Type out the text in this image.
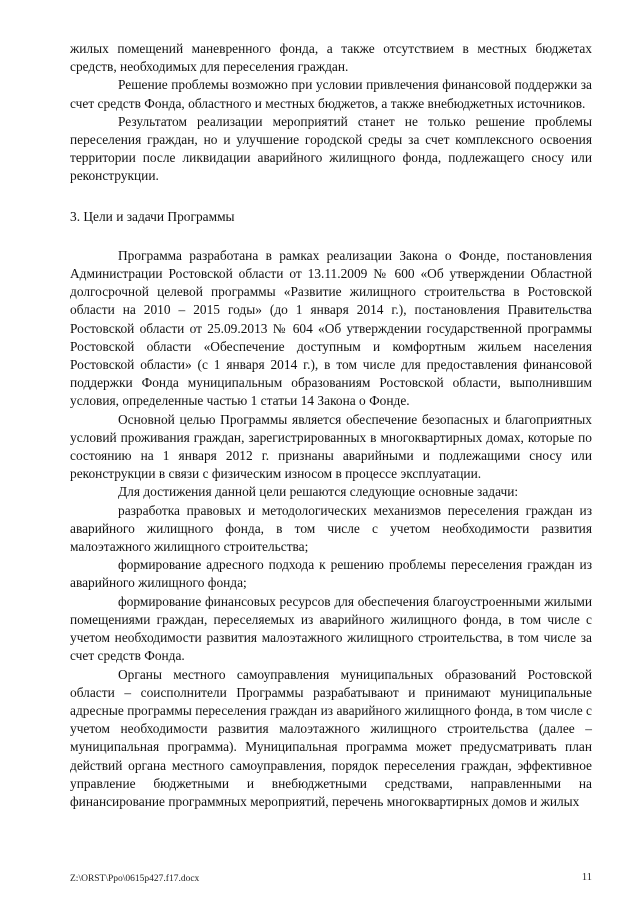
жилых помещений маневренного фонда, а также отсутствием в местных бюджетах средств, необходимых для переселения граждан.

Решение проблемы возможно при условии привлечения финансовой поддержки за счет средств Фонда, областного и местных бюджетов, а также внебюджетных источников.

Результатом реализации мероприятий станет не только решение проблемы переселения граждан, но и улучшение городской среды за счет комплексного освоения территории после ликвидации аварийного жилищного фонда, подлежащего сносу или реконструкции.

3. Цели и задачи Программы

Программа разработана в рамках реализации Закона о Фонде, постановления Администрации Ростовской области от 13.11.2009 № 600 «Об утверждении Областной долгосрочной целевой программы «Развитие жилищного строительства в Ростовской области на 2010 – 2015 годы» (до 1 января 2014 г.), постановления Правительства Ростовской области от 25.09.2013 № 604 «Об утверждении государственной программы Ростовской области «Обеспечение доступным и комфортным жильем населения Ростовской области» (с 1 января 2014 г.), в том числе для предоставления финансовой поддержки Фонда муниципальным образованиям Ростовской области, выполнившим условия, определенные частью 1 статьи 14 Закона о Фонде.

Основной целью Программы является обеспечение безопасных и благоприятных условий проживания граждан, зарегистрированных в многоквартирных домах, которые по состоянию на 1 января 2012 г. признаны аварийными и подлежащими сносу или реконструкции в связи с физическим износом в процессе эксплуатации.

Для достижения данной цели решаются следующие основные задачи:

разработка правовых и методологических механизмов переселения граждан из аварийного жилищного фонда, в том числе с учетом необходимости развития малоэтажного жилищного строительства;

формирование адресного подхода к решению проблемы переселения граждан из аварийного жилищного фонда;

формирование финансовых ресурсов для обеспечения благоустроенными жилыми помещениями граждан, переселяемых из аварийного жилищного фонда, в том числе с учетом необходимости развития малоэтажного жилищного строительства, в том числе за счет средств Фонда.

Органы местного самоуправления муниципальных образований Ростовской области – соисполнители Программы разрабатывают и принимают муниципальные адресные программы переселения граждан из аварийного жилищного фонда, в том числе с учетом необходимости развития малоэтажного жилищного строительства (далее – муниципальная программа). Муниципальная программа может предусматривать план действий органа местного самоуправления, порядок переселения граждан, эффективное управление бюджетными и внебюджетными средствами, направленными на финансирование программных мероприятий, перечень многоквартирных домов и жилых

Z:\ORST\Ppo\0615p427.f17.docx	11
